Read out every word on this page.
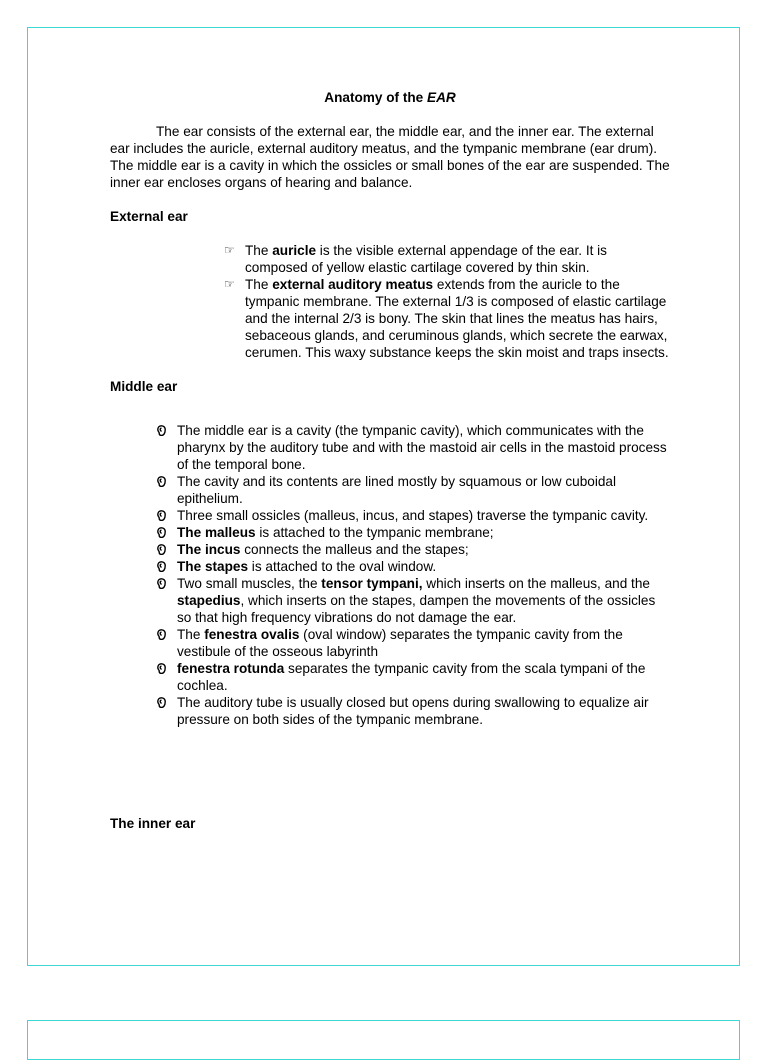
Anatomy of the EAR

The ear consists of the external ear, the middle ear, and the inner ear. The external ear includes the auricle, external auditory meatus, and the tympanic membrane (ear drum). The middle ear is a cavity in which the ossicles or small bones of the ear are suspended. The inner ear encloses organs of hearing and balance.

External ear

☞ The auricle is the visible external appendage of the ear. It is composed of yellow elastic cartilage covered by thin skin.
☞ The external auditory meatus extends from the auricle to the tympanic membrane. The external 1/3 is composed of elastic cartilage and the internal 2/3 is bony. The skin that lines the meatus has hairs, sebaceous glands, and ceruminous glands, which secrete the earwax, cerumen. This waxy substance keeps the skin moist and traps insects.

Middle ear

The middle ear is a cavity (the tympanic cavity), which communicates with the pharynx by the auditory tube and with the mastoid air cells in the mastoid process of the temporal bone.
The cavity and its contents are lined mostly by squamous or low cuboidal epithelium.
Three small ossicles (malleus, incus, and stapes) traverse the tympanic cavity.
The malleus is attached to the tympanic membrane;
The incus connects the malleus and the stapes;
The stapes is attached to the oval window.
Two small muscles, the tensor tympani, which inserts on the malleus, and the stapedius, which inserts on the stapes, dampen the movements of the ossicles so that high frequency vibrations do not damage the ear.
The fenestra ovalis (oval window) separates the tympanic cavity from the vestibule of the osseous labyrinth
fenestra rotunda separates the tympanic cavity from the scala tympani of the cochlea.
The auditory tube is usually closed but opens during swallowing to equalize air pressure on both sides of the tympanic membrane.

The inner ear
